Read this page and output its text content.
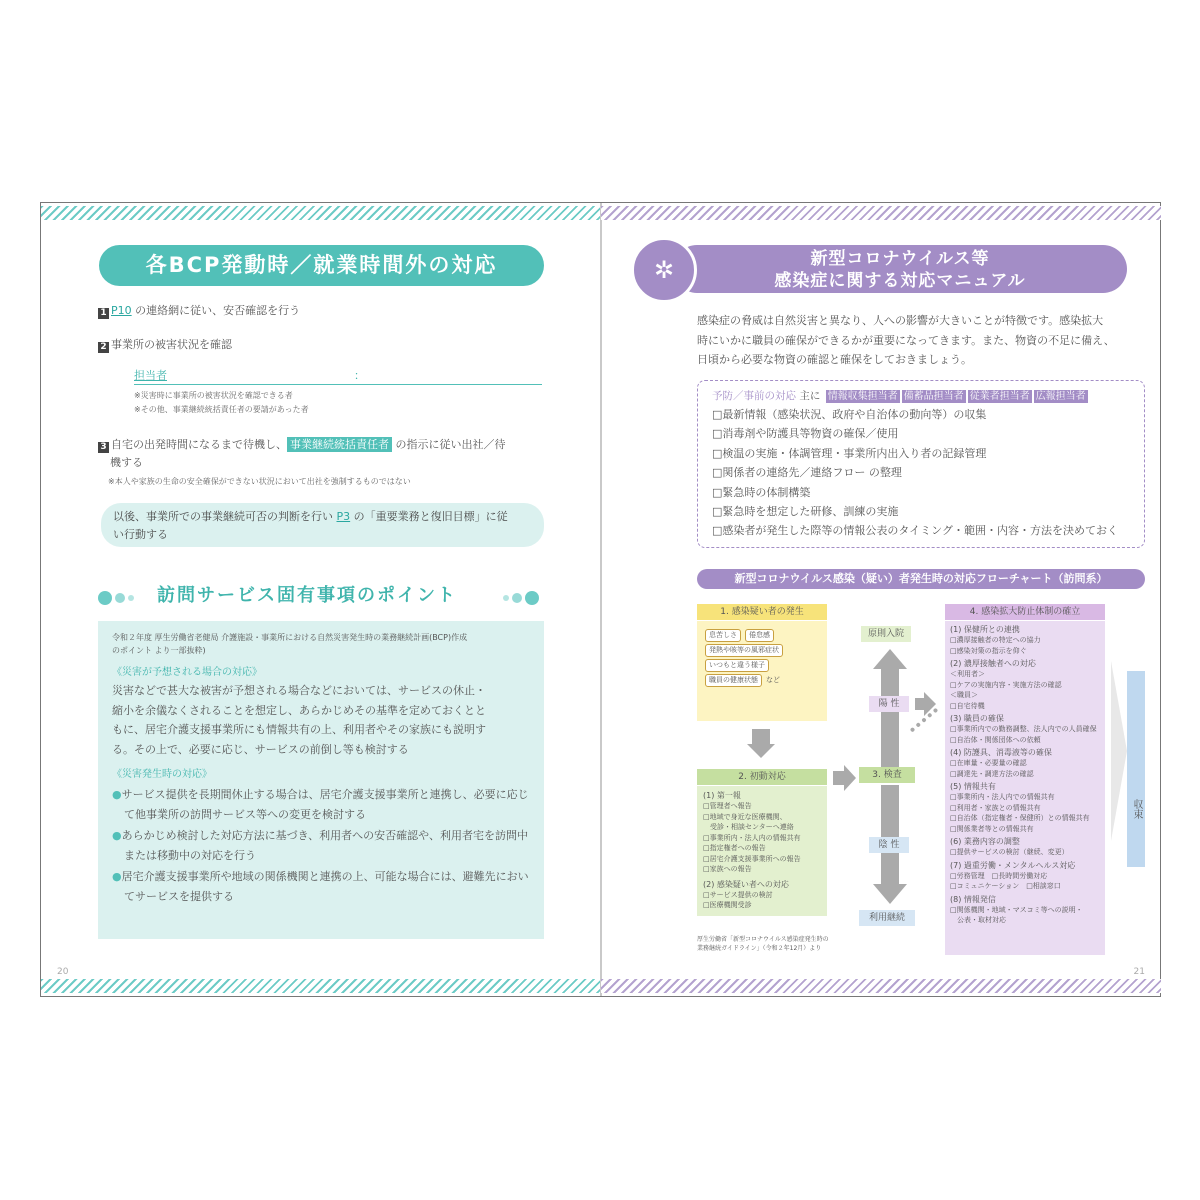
各BCP発動時／就業時間外の対応
1 P10 の連絡網に従い、安否確認を行う
2 事業所の被害状況を確認
担当者	：
※災害時に事業所の被害状況を確認できる者
※その他、事業継続統括責任者の要請があった者
3 自宅の出発時間になるまで待機し、 事業継続統括責任者 の指示に従い出社／待
機する
※本人や家族の生命の安全確保ができない状況において出社を強制するものではない
以後、事業所での事業継続可否の判断を行い P3 の「重要業務と復旧目標」に従
い行動する
訪問サービス固有事項のポイント
令和２年度 厚生労働省老健局 介護施設・事業所における自然災害発生時の業務継続計画(BCP)作成
のポイント より一部抜粋)
《災害が予想される場合の対応》
災害などで甚大な被害が予想される場合などにおいては、サービスの休止・
縮小を余儀なくされることを想定し、あらかじめその基準を定めておくとと
もに、居宅介護支援事業所にも情報共有の上、利用者やその家族にも説明す
る。その上で、必要に応じ、サービスの前倒し等も検討する
《災害発生時の対応》
● サービス提供を長期間休止する場合は、居宅介護支援事業所と連携し、必要に応じて他事業所の訪問サービス等への変更を検討する
● あらかじめ検討した対応方法に基づき、利用者への安否確認や、利用者宅を訪問中または移動中の対応を行う
● 居宅介護支援事業所や地域の関係機関と連携の上、可能な場合には、避難先においてサービスを提供する
20
新型コロナウイルス等
感染症に関する対応マニュアル
✲
感染症の脅威は自然災害と異なり、人への影響が大きいことが特徴です。感染拡大
時にいかに職員の確保ができるかが重要になってきます。また、物資の不足に備え、
日頃から必要な物資の確認と確保をしておきましょう。
予防／事前の対応 主に 情報収集担当者 備蓄品担当者 従業者担当者 広報担当者
□最新情報（感染状況、政府や自治体の動向等）の収集
□消毒剤や防護具等物資の確保／使用
□検温の実施・体調管理・事業所内出入り者の記録管理
□関係者の連絡先／連絡フロー の整理
□緊急時の体制構築
□緊急時を想定した研修、訓練の実施
□感染者が発生した際等の情報公表のタイミング・範囲・内容・方法を決めておく
新型コロナウイルス感染（疑い）者発生時の対応フローチャート（訪問系）
1. 感染疑い者の発生
息苦しさ 倦怠感
発熱や咳等の風邪症状
いつもと違う様子
職員の健康状態 など
2. 初動対応
(1) 第一報
□管理者へ報告
□地域で身近な医療機関、
　受診・相談センターへ連絡
□事業所内・法人内の情報共有
□指定権者への報告
□居宅介護支援事業所への報告
□家族への報告
(2) 感染疑い者への対応
□サービス提供の検討
□医療機関受診
原則入院
陽 性
3. 検査
陰 性
利用継続
4. 感染拡大防止体制の確立
(1) 保健所との連携
□濃厚接触者の特定への協力
□感染対策の指示を仰ぐ
(2) 濃厚接触者への対応
＜利用者＞
□ケアの実施内容・実施方法の確認
＜職員＞
□自宅待機
(3) 職員の確保
□事業所内での勤務調整、法人内での人員確保
□自治体・関係団体への依頼
(4) 防護具、消毒液等の確保
□在庫量・必要量の確認
□調達先・調達方法の確認
(5) 情報共有
□事業所内・法人内での情報共有
□利用者・家族との情報共有
□自治体（指定権者・保健所）との情報共有
□関係業者等との情報共有
(6) 業務内容の調整
□提供サービスの検討（継続、変更）
(7) 過重労働・メンタルヘルス対応
□労務管理　□長時間労働対応
□コミュニケーション　□相談窓口
(8) 情報発信
□関係機関・地域・マスコミ等への説明・
　公表・取材対応
収束
厚生労働省「新型コロナウイルス感染症発生時の
業務継続ガイドライン」（令和２年12月）より
21
